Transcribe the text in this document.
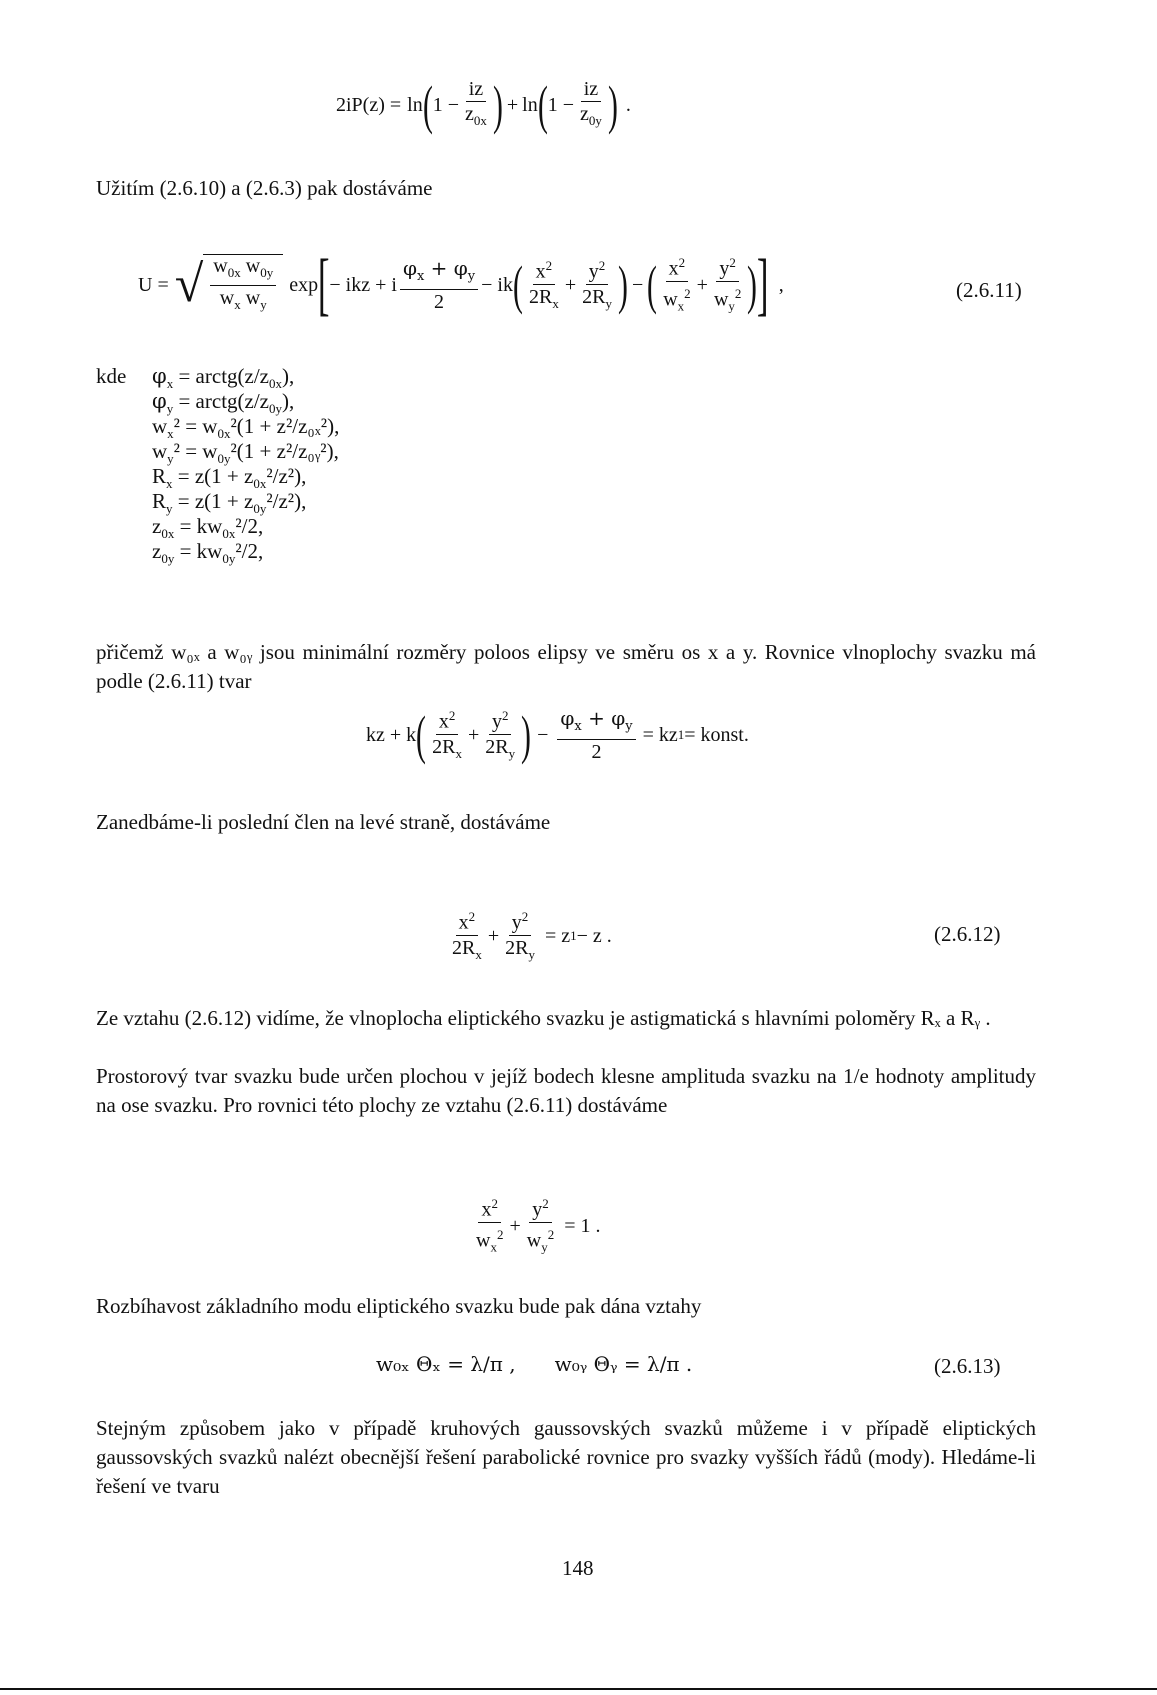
2iP(z) = ln ( $1 - \frac{iz}{z_{0x}}$ ) + ln ( $1 - \frac{iz}{z_{0y}}$ ) .
Užitím (2.6.10) a (2.6.3) pak dostáváme
U = √ $\frac{w_{0x} w_{0y}}{w_x w_y}$ exp [ − ikz + i $\frac{\varphi_x + \varphi_y}{2}$ − ik ( $\frac{x^2}{2R_x} + \frac{y^2}{2R_y}$ ) − ( $\frac{x^2}{w_x^2} + \frac{y^2}{w_y^2}$ ) ] ,	(2.6.11)
kde $\varphi_x$ = $arctg(z/z_{0x})$,
$\varphi_y$ = $arctg(z/z_{0y})$,
$w_x^2 = w_{0x}^2(1 + z^2/z_{0x}^2)$,
$w_y^2 = w_{0y}^2(1$ + z²/z₀ᵧ²),
$R_x = z(1 + z_{0x}^2/z^2)$,
$R_y = z(1 + z_{0y}^2/z^2)$,
$z_{0x} = kw_{0x}^2/2$,
$z_{0y} = kw_{0y}^2/2$,
přičemž w₀ₓ a w₀ᵧ jsou minimální rozměry poloos elipsy ve směru os x a y. Rovnice vlnoplochy svazku má podle (2.6.11) tvar
kz + k ( $\frac{x^2}{2R_x} + \frac{y^2}{2R_y}$ ) − $\frac{\varphi_x + \varphi_y}{2}$ = kz 1 = konst.
Zanedbáme-li poslední člen na levé straně, dostáváme
$\frac{x^2}{2R_x} + \frac{y^2}{2R_y} = z$ 1 − z .	(2.6.12)
Ze vztahu (2.6.12) vidíme, že vlnoplocha eliptického svazku je astigmatická s hlavními poloměry Rₓ a Rᵧ .
Prostorový tvar svazku bude určen plochou v jejíž bodech klesne amplituda svazku na 1/e hodnoty amplitudy na ose svazku. Pro rovnici této plochy ze vztahu (2.6.11) dostáváme
$\frac{x^2}{w_x^2} + \frac{y^2}{w_y^2} = 1$ .
Rozbíhavost základního modu eliptického svazku bude pak dána vztahy
w₀ₓ Θₓ = λ/π , w₀ᵧ Θᵧ = λ/π .	(2.6.13)
Stejným způsobem jako v případě kruhových gaussovských svazků můžeme i v případě eliptických gaussovských svazků nalézt obecnější řešení parabolické rovnice pro svazky vyšších řádů (mody). Hledáme-li řešení ve tvaru
148
